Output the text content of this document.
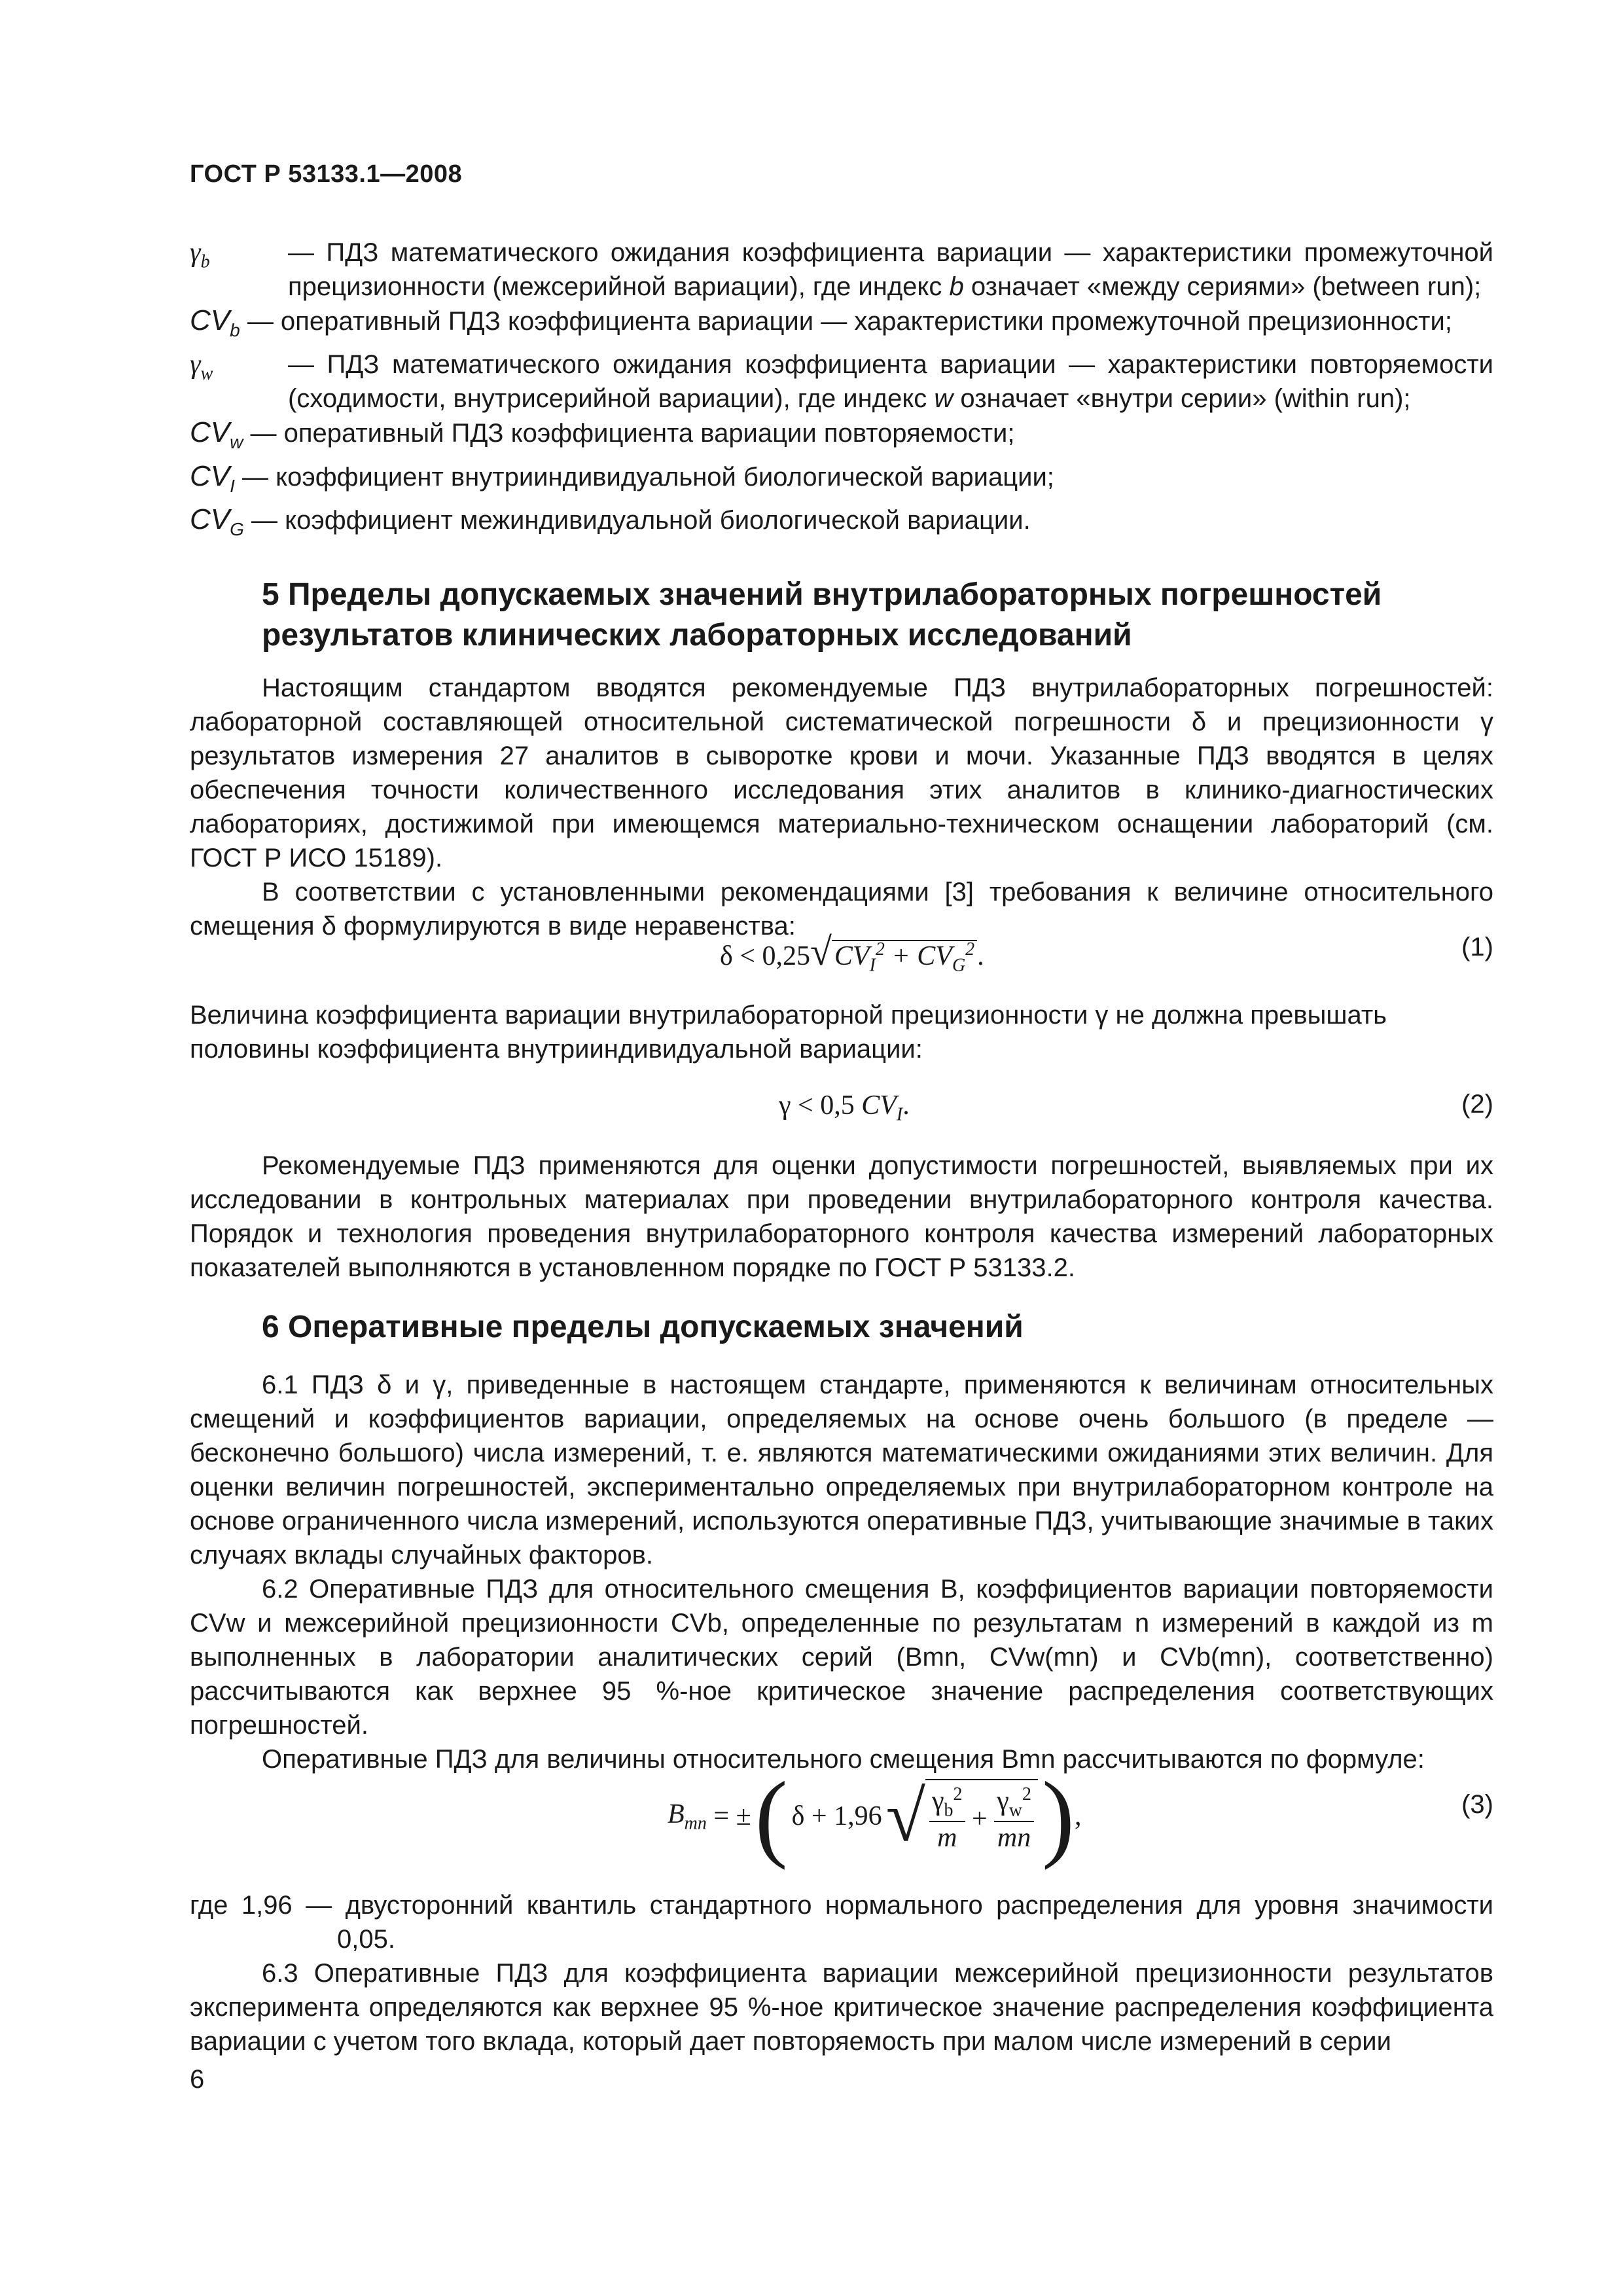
ГОСТ Р 53133.1—2008
$\gamma_b$	— ПДЗ математического ожидания коэффициента вариации — характеристики промежуточной прецизионности (межсерийной вариации), где индекс b означает «между сериями» (between run);
$CV_b$ — оперативный ПДЗ коэффициента вариации — характеристики промежуточной прецизионности;
$\gamma_w$	— ПДЗ математического ожидания коэффициента вариации — характеристики повторяемости (сходимости, внутрисерийной вариации), где индекс w означает «внутри серии» (within run);
$CV_w$ — оперативный ПДЗ коэффициента вариации повторяемости;
$CV_I$ — коэффициент внутрииндивидуальной биологической вариации;
$CV_G$ — коэффициент межиндивидуальной биологической вариации.
5 Пределы допускаемых значений внутрилабораторных погрешностей результатов клинических лабораторных исследований

Настоящим стандартом вводятся рекомендуемые ПДЗ внутрилабораторных погрешностей: лабораторной составляющей относительной систематической погрешности δ и прецизионности γ результатов измерения 27 аналитов в сыворотке крови и мочи. Указанные ПДЗ вводятся в целях обеспечения точности количественного исследования этих аналитов в клинико-диагностических лабораториях, достижимой при имеющемся материально-техническом оснащении лабораторий (см. ГОСТ Р ИСО 15189).

В соответствии с установленными рекомендациями [3] требования к величине относительного смещения δ формулируются в виде неравенства:

$\delta < 0,25√CV_I^2 + CV_G^2$.	(1)
Величина коэффициента вариации внутрилабораторной прецизионности γ не должна превышать половины коэффициента внутрииндивидуальной вариации:
γ < 0,5 $CV_I$.	(2)

Рекомендуемые ПДЗ применяются для оценки допустимости погрешностей, выявляемых при их исследовании в контрольных материалах при проведении внутрилабораторного контроля качества. Порядок и технология проведения внутрилабораторного контроля качества измерений лабораторных показателей выполняются в установленном порядке по ГОСТ Р 53133.2.

6 Оперативные пределы допускаемых значений

6.1 ПДЗ δ и γ, приведенные в настоящем стандарте, применяются к величинам относительных смещений и коэффициентов вариации, определяемых на основе очень большого (в пределе — бесконечно большого) числа измерений, т. е. являются математическими ожиданиями этих величин. Для оценки величин погрешностей, экспериментально определяемых при внутрилабораторном контроле на основе ограниченного числа измерений, используются оперативные ПДЗ, учитывающие значимые в таких случаях вклады случайных факторов.

6.2 Оперативные ПДЗ для относительного смещения B, коэффициентов вариации повторяемости CVw и межсерийной прецизионности CVb, определенные по результатам n измерений в каждой из m выполненных в лаборатории аналитических серий (Bmn, CVw(mn) и CVb(mn), соответственно) рассчитываются как верхнее 95 %-ное критическое значение распределения соответствующих погрешностей.

Оперативные ПДЗ для величины относительного смещения Bmn рассчитываются по формуле:

$B_{mn}$ = ± ( δ + 1,96 √ $\gamma_b^2$
m
+
$\gamma_w^2$
mn ) ,	(3)

где 1,96 — двусторонний квантиль стандартного нормального распределения для уровня значимости 0,05.

6.3 Оперативные ПДЗ для коэффициента вариации межсерийной прецизионности результатов эксперимента определяются как верхнее 95 %-ное критическое значение распределения коэффициента вариации с учетом того вклада, который дает повторяемость при малом числе измерений в серии

6
